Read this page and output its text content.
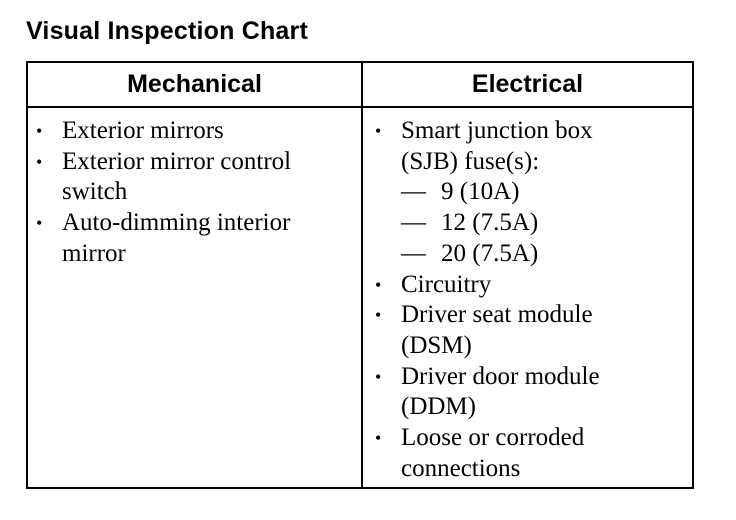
Visual Inspection Chart
Mechanical	Electrical
• Exterior mirrors
• Exterior mirror control
switch
• Auto-dimming interior
mirror
• Smart junction box
(SJB) fuse(s):
— 9 (10A)
— 12 (7.5A)
— 20 (7.5A)
• Circuitry
• Driver seat module
(DSM)
• Driver door module
(DDM)
• Loose or corroded
connections
